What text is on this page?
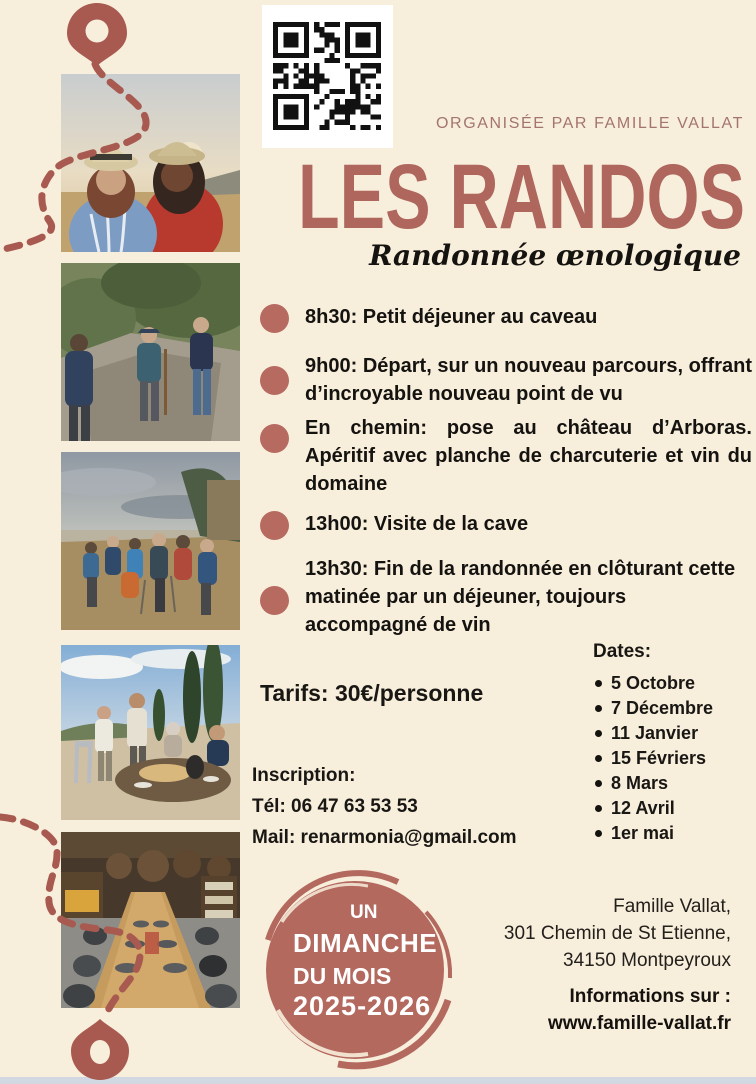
ORGANISÉE PAR FAMILLE VALLAT
LES RANDOS
Randonnée œnologique

8h30: Petit déjeuner au caveau

9h00: Départ, sur un nouveau parcours, offrant d’incroyable nouveau point de vu

En chemin: pose au château d’Arboras. Apéritif avec planche de charcuterie et vin du domaine

13h00: Visite de la cave

13h30: Fin de la randonnée en clôturant cette matinée par un déjeuner, toujours accompagné de vin

Tarifs: 30€/personne
Inscription:
Tél: 06 47 63 53 53
Mail: renarmonia@gmail.com

Dates:

5 Octobre
7 Décembre
11 Janvier
15 Févriers
8 Mars
12 Avril
1er mai
UN
DIMANCHE
DU MOIS
2025-2026
Famille Vallat,
301 Chemin de St Etienne,
34150 Montpeyroux
Informations sur :
www.famille-vallat.fr
